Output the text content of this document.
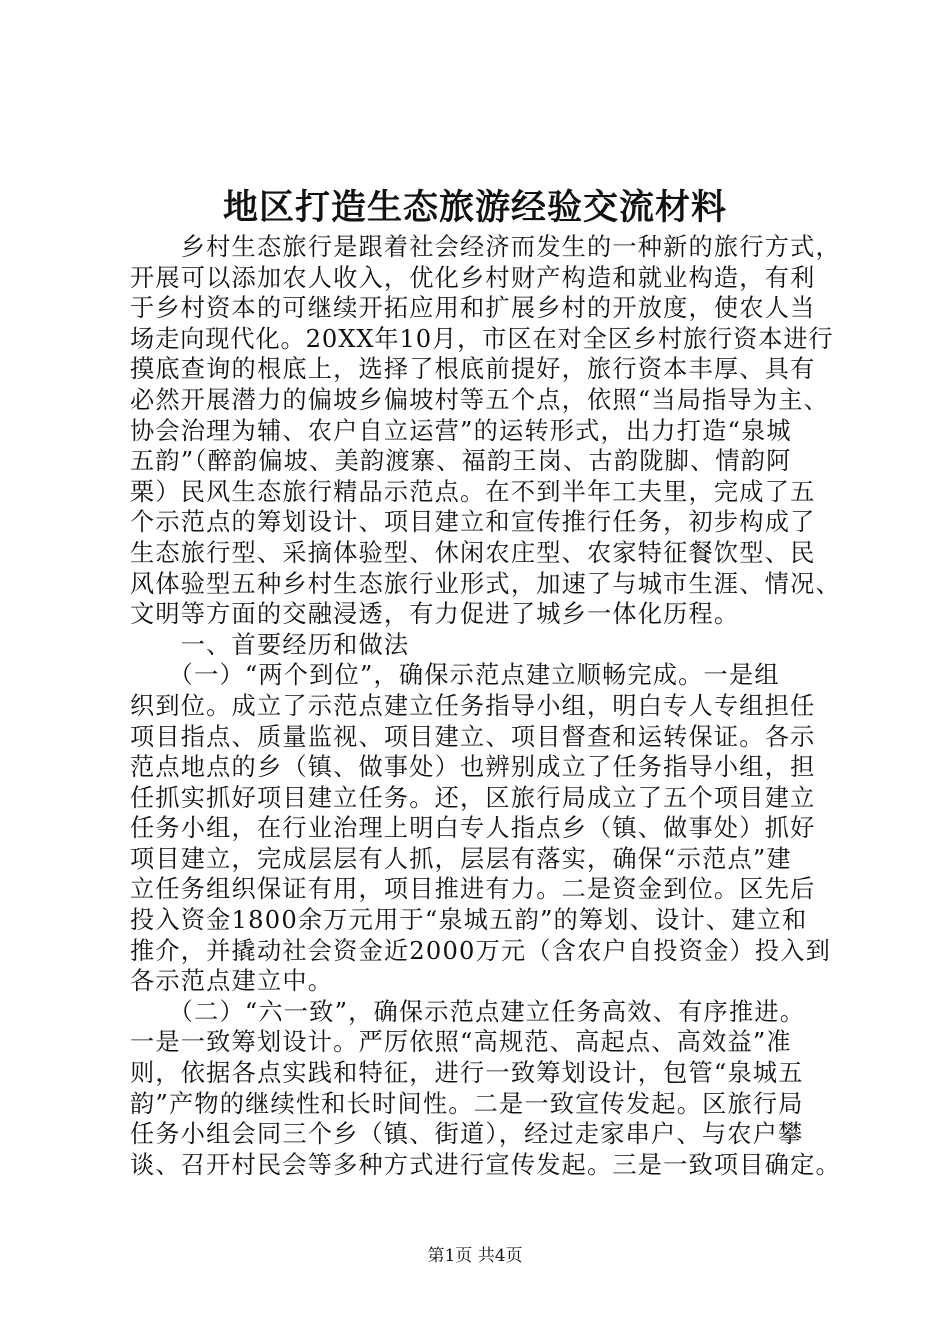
地区打造生态旅游经验交流材料
　　乡村生态旅行是跟着社会经济而发生的一种新的旅行方式，
开展可以添加农人收入，优化乡村财产构造和就业构造，有利
于乡村资本的可继续开拓应用和扩展乡村的开放度，使农人当
场走向现代化。20XX年10月，市区在对全区乡村旅行资本进行
摸底查询的根底上，选择了根底前提好，旅行资本丰厚、具有
必然开展潜力的偏坡乡偏坡村等五个点，依照“当局指导为主、
协会治理为辅、农户自立运营”的运转形式，出力打造“泉城
五韵”（醉韵偏坡、美韵渡寨、福韵王岗、古韵陇脚、情韵阿
栗）民风生态旅行精品示范点。在不到半年工夫里，完成了五
个示范点的筹划设计、项目建立和宣传推行任务，初步构成了
生态旅行型、采摘体验型、休闲农庄型、农家特征餐饮型、民
风体验型五种乡村生态旅行业形式，加速了与城市生涯、情况、
文明等方面的交融浸透，有力促进了城乡一体化历程。
　　一、首要经历和做法
　　（一）“两个到位”，确保示范点建立顺畅完成。一是组
织到位。成立了示范点建立任务指导小组，明白专人专组担任
项目指点、质量监视、项目建立、项目督查和运转保证。各示
范点地点的乡（镇、做事处）也辨别成立了任务指导小组，担
任抓实抓好项目建立任务。还，区旅行局成立了五个项目建立
任务小组，在行业治理上明白专人指点乡（镇、做事处）抓好
项目建立，完成层层有人抓，层层有落实，确保“示范点”建
立任务组织保证有用，项目推进有力。二是资金到位。区先后
投入资金1800余万元用于“泉城五韵”的筹划、设计、建立和
推介，并撬动社会资金近2000万元（含农户自投资金）投入到
各示范点建立中。
　　（二）“六一致”，确保示范点建立任务高效、有序推进。
一是一致筹划设计。严厉依照“高规范、高起点、高效益”准
则，依据各点实践和特征，进行一致筹划设计，包管“泉城五
韵”产物的继续性和长时间性。二是一致宣传发起。区旅行局
任务小组会同三个乡（镇、街道），经过走家串户、与农户攀
谈、召开村民会等多种方式进行宣传发起。三是一致项目确定。
第1页 共4页
